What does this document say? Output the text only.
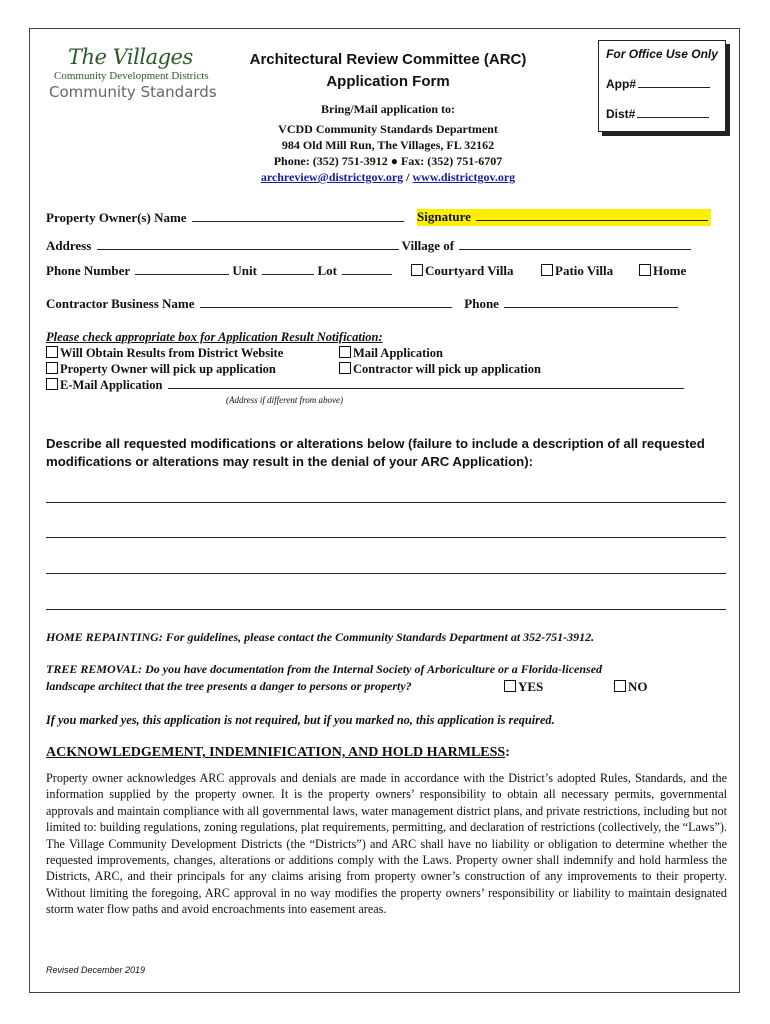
The Villages
Community Development Districts
Community Standards
Architectural Review Committee (ARC)
Application Form
For Office Use Only
App#
Dist#
Bring/Mail application to:
VCDD Community Standards Department
984 Old Mill Run, The Villages, FL 32162
Phone: (352) 751-3912 ● Fax: (352) 751-6707
archreview@districtgov.org / www.districtgov.org
Property Owner(s) Name	Signature
Address	Village of
Phone Number	Unit	Lot	Courtyard Villa	Patio Villa	Home
Contractor Business Name	Phone
Please check appropriate box for Application Result Notification:
Will Obtain Results from District Website	Mail Application
Property Owner will pick up application	Contractor will pick up application
E-Mail Application
(Address if different from above)
Describe all requested modifications or alterations below (failure to include a description of all requested modifications or alterations may result in the denial of your ARC Application):
HOME REPAINTING: For guidelines, please contact the Community Standards Department at 352-751-3912.
TREE REMOVAL: Do you have documentation from the Internal Society of Arboriculture or a Florida-licensed
landscape architect that the tree presents a danger to persons or property?	YES	NO
If you marked yes, this application is not required, but if you marked no, this application is required.
ACKNOWLEDGEMENT, INDEMNIFICATION, AND HOLD HARMLESS:
Property owner acknowledges ARC approvals and denials are made in accordance with the District’s adopted Rules, Standards, and the information supplied by the property owner. It is the property owners’ responsibility to obtain all necessary permits, governmental approvals and maintain compliance with all governmental laws, water management district plans, and private restrictions, including but not limited to: building regulations, zoning regulations, plat requirements, permitting, and declaration of restrictions (collectively, the “Laws”). The Village Community Development Districts (the “Districts”) and ARC shall have no liability or obligation to determine whether the requested improvements, changes, alterations or additions comply with the Laws. Property owner shall indemnify and hold harmless the Districts, ARC, and their principals for any claims arising from property owner’s construction of any improvements to their property. Without limiting the foregoing, ARC approval in no way modifies the property owners’ responsibility or liability to maintain designated storm water flow paths and avoid encroachments into easement areas.
Revised December 2019
